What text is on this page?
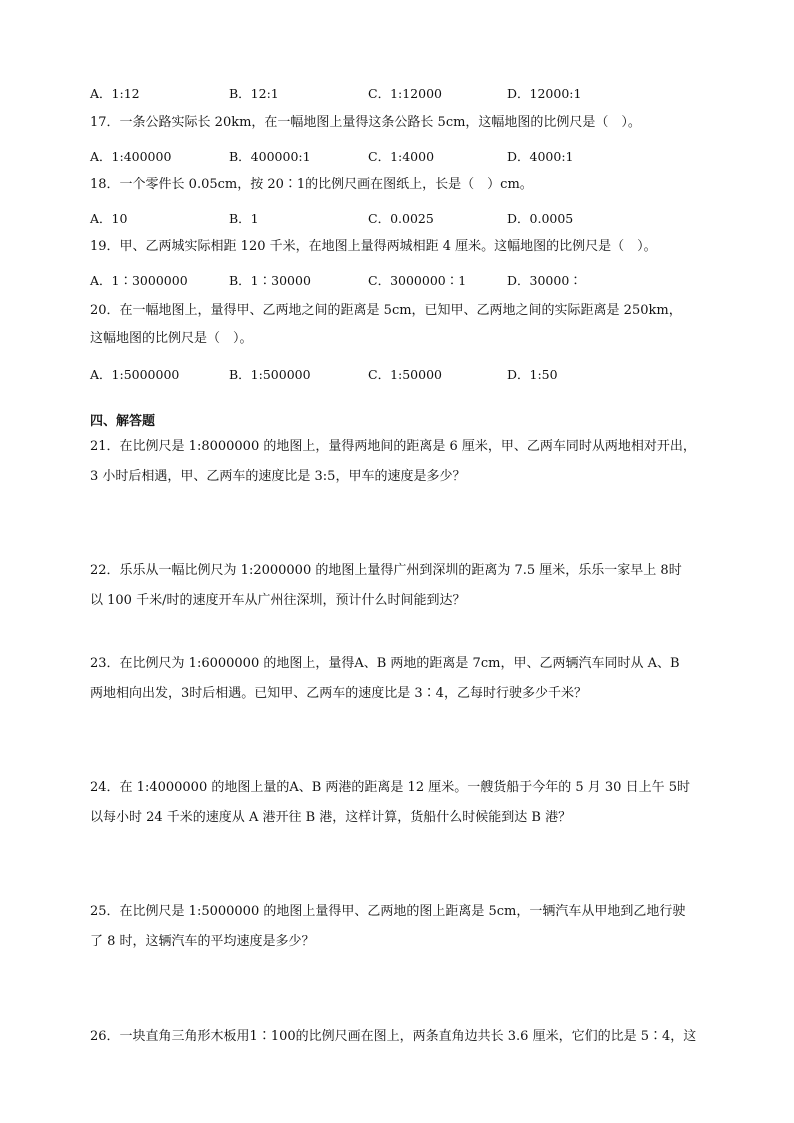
A．1:12	B．12:1	C．1:12000	D．12000:1
17．一条公路实际长 20km，在一幅地图上量得这条公路长 5cm，这幅地图的比例尺是（　）。
A．1:400000	B．400000:1	C．1:4000	D．4000:1
18．一个零件长 0.05cm，按 20∶1的比例尺画在图纸上，长是（　）cm。
A．10	B．1	C．0.0025	D．0.0005
19．甲、乙两城实际相距 120 千米，在地图上量得两城相距 4 厘米。这幅地图的比例尺是（　）。
A．1∶3000000	B．1∶30000	C．3000000∶1	D．30000∶
20．在一幅地图上，量得甲、乙两地之间的距离是 5cm，已知甲、乙两地之间的实际距离是 250km，
这幅地图的比例尺是（　）。
A．1:5000000	B．1:500000	C．1:50000	D．1:50
四、解答题
21．在比例尺是 1:8000000 的地图上，量得两地间的距离是 6 厘米，甲、乙两车同时从两地相对开出，
3 小时后相遇，甲、乙两车的速度比是 3:5，甲车的速度是多少？
22．乐乐从一幅比例尺为 1:2000000 的地图上量得广州到深圳的距离为 7.5 厘米，乐乐一家早上 8时
以 100 千米/时的速度开车从广州往深圳，预计什么时间能到达？
23．在比例尺为 1:6000000 的地图上，量得A、B 两地的距离是 7cm，甲、乙两辆汽车同时从 A、B
两地相向出发，3时后相遇。已知甲、乙两车的速度比是 3∶4，乙每时行驶多少千米？
24．在 1:4000000 的地图上量的A、B 两港的距离是 12 厘米。一艘货船于今年的 5 月 30 日上午 5时
以每小时 24 千米的速度从 A 港开往 B 港，这样计算，货船什么时候能到达 B 港？
25．在比例尺是 1:5000000 的地图上量得甲、乙两地的图上距离是 5cm，一辆汽车从甲地到乙地行驶
了 8 时，这辆汽车的平均速度是多少？
26．一块直角三角形木板用1∶100的比例尺画在图上，两条直角边共长 3.6 厘米，它们的比是 5∶4，这
